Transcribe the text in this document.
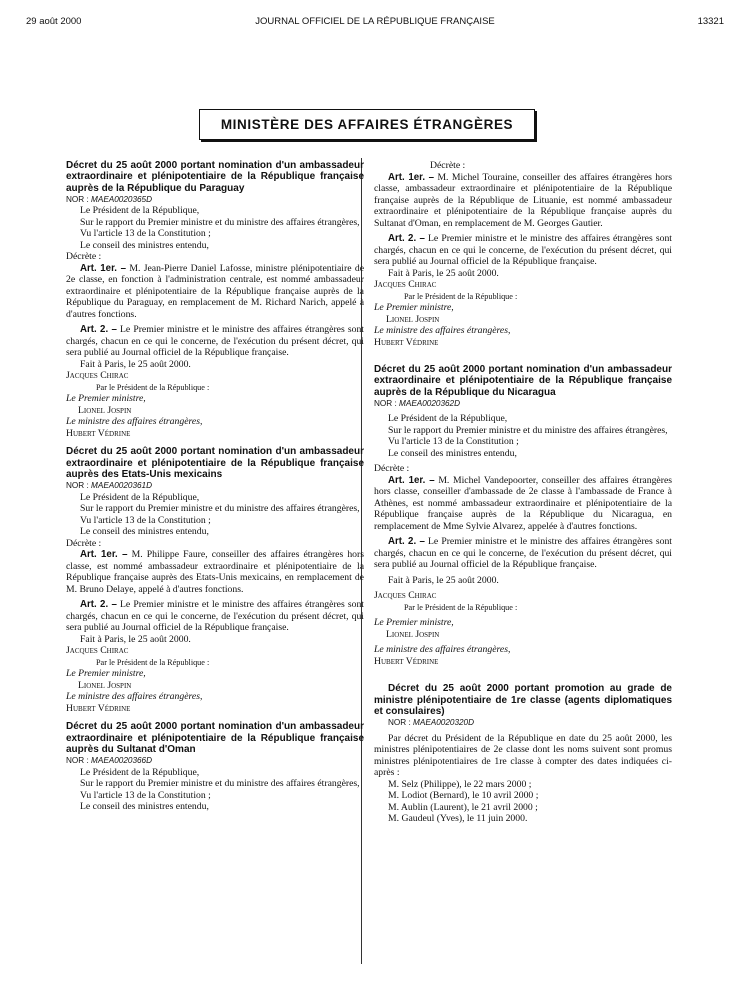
29 août 2000	JOURNAL OFFICIEL DE LA RÉPUBLIQUE FRANÇAISE	13321
MINISTÈRE DES AFFAIRES ÉTRANGÈRES

Décret du 25 août 2000 portant nomination d'un ambassadeur extraordinaire et plénipotentiaire de la République française auprès de la République du Paraguay

NOR : MAEA0020365D

Le Président de la République,

Sur le rapport du Premier ministre et du ministre des affaires étrangères,

Vu l'article 13 de la Constitution ;

Le conseil des ministres entendu,

Décrète :

Art. 1er. – M. Jean-Pierre Daniel Lafosse, ministre plénipotentiaire de 2e classe, en fonction à l'administration centrale, est nommé ambassadeur extraordinaire et plénipotentiaire de la République française auprès de la République du Paraguay, en remplacement de M. Richard Narich, appelé à d'autres fonctions.

Art. 2. – Le Premier ministre et le ministre des affaires étrangères sont chargés, chacun en ce qui le concerne, de l'exécution du présent décret, qui sera publié au Journal officiel de la République française.

Fait à Paris, le 25 août 2000.

Jacques Chirac

Par le Président de la République :

Le Premier ministre,

Lionel Jospin

Le ministre des affaires étrangères,

Hubert Védrine

Décret du 25 août 2000 portant nomination d'un ambassadeur extraordinaire et plénipotentiaire de la République française auprès des Etats-Unis mexicains

NOR : MAEA0020361D

Le Président de la République,

Sur le rapport du Premier ministre et du ministre des affaires étrangères,

Vu l'article 13 de la Constitution ;

Le conseil des ministres entendu,

Décrète :

Art. 1er. – M. Philippe Faure, conseiller des affaires étrangères hors classe, est nommé ambassadeur extraordinaire et plénipotentiaire de la République française auprès des Etats-Unis mexicains, en remplacement de M. Bruno Delaye, appelé à d'autres fonctions.

Art. 2. – Le Premier ministre et le ministre des affaires étrangères sont chargés, chacun en ce qui le concerne, de l'exécution du présent décret, qui sera publié au Journal officiel de la République française.

Fait à Paris, le 25 août 2000.

Jacques Chirac

Par le Président de la République :

Le Premier ministre,

Lionel Jospin

Le ministre des affaires étrangères,

Hubert Védrine

Décret du 25 août 2000 portant nomination d'un ambassadeur extraordinaire et plénipotentiaire de la République française auprès du Sultanat d'Oman

NOR : MAEA0020366D

Le Président de la République,

Sur le rapport du Premier ministre et du ministre des affaires étrangères,

Vu l'article 13 de la Constitution ;

Le conseil des ministres entendu,

Décrète :

Art. 1er. – M. Michel Touraine, conseiller des affaires étrangères hors classe, ambassadeur extraordinaire et plénipotentiaire de la République française auprès de la République de Lituanie, est nommé ambassadeur extraordinaire et plénipotentiaire de la République française auprès du Sultanat d'Oman, en remplacement de M. Georges Gautier.

Art. 2. – Le Premier ministre et le ministre des affaires étrangères sont chargés, chacun en ce qui le concerne, de l'exécution du présent décret, qui sera publié au Journal officiel de la République française.

Fait à Paris, le 25 août 2000.

Jacques Chirac

Par le Président de la République :

Le Premier ministre,

Lionel Jospin

Le ministre des affaires étrangères,

Hubert Védrine

Décret du 25 août 2000 portant nomination d'un ambassadeur extraordinaire et plénipotentiaire de la République française auprès de la République du Nicaragua

NOR : MAEA0020362D

Le Président de la République,

Sur le rapport du Premier ministre et du ministre des affaires étrangères,

Vu l'article 13 de la Constitution ;

Le conseil des ministres entendu,

Décrète :

Art. 1er. – M. Michel Vandepoorter, conseiller des affaires étrangères hors classe, conseiller d'ambassade de 2e classe à l'ambassade de France à Athènes, est nommé ambassadeur extraordinaire et plénipotentiaire de la République française auprès de la République du Nicaragua, en remplacement de Mme Sylvie Alvarez, appelée à d'autres fonctions.

Art. 2. – Le Premier ministre et le ministre des affaires étrangères sont chargés, chacun en ce qui le concerne, de l'exécution du présent décret, qui sera publié au Journal officiel de la République française.

Fait à Paris, le 25 août 2000.

Jacques Chirac

Par le Président de la République :

Le Premier ministre,

Lionel Jospin

Le ministre des affaires étrangères,

Hubert Védrine

Décret du 25 août 2000 portant promotion au grade de ministre plénipotentiaire de 1re classe (agents diplomatiques et consulaires)

NOR : MAEA0020320D

Par décret du Président de la République en date du 25 août 2000, les ministres plénipotentiaires de 2e classe dont les noms suivent sont promus ministres plénipotentiaires de 1re classe à compter des dates indiquées ci-après :

M. Selz (Philippe), le 22 mars 2000 ;

M. Lodiot (Bernard), le 10 avril 2000 ;

M. Aublin (Laurent), le 21 avril 2000 ;

M. Gaudeul (Yves), le 11 juin 2000.
